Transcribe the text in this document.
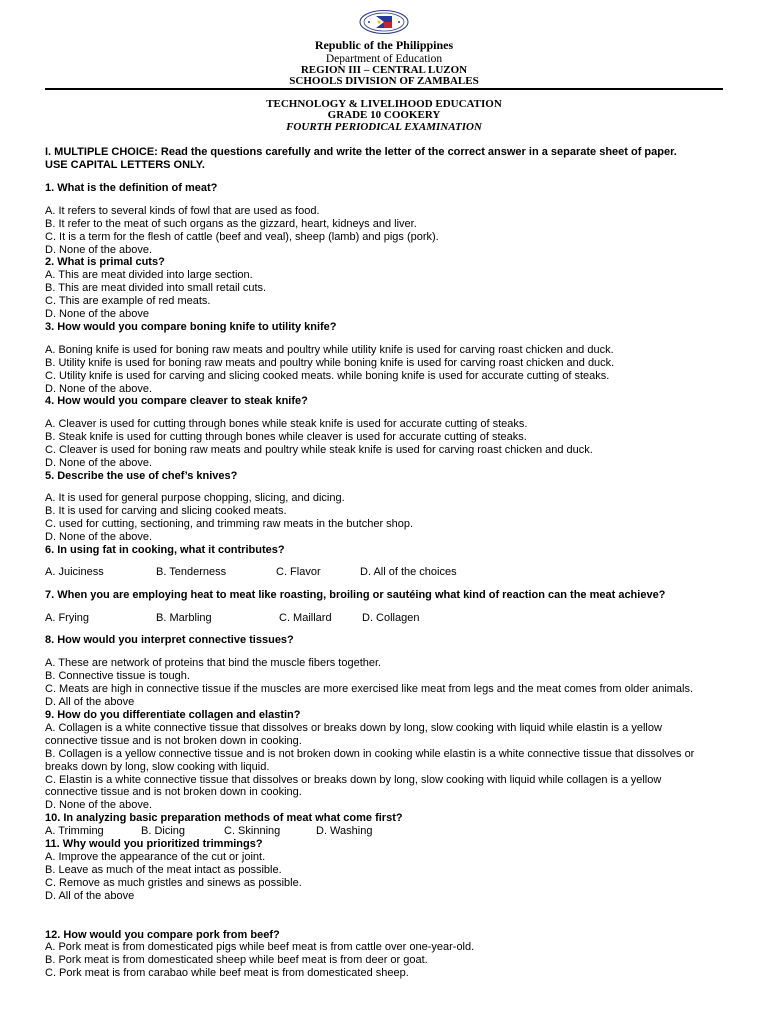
Republic of the Philippines
Department of Education
REGION III – CENTRAL LUZON
SCHOOLS DIVISION OF ZAMBALES
TECHNOLOGY & LIVELIHOOD EDUCATION
GRADE 10 COOKERY
FOURTH PERIODICAL EXAMINATION
I. MULTIPLE CHOICE: Read the questions carefully and write the letter of the correct answer in a separate sheet of paper.
USE CAPITAL LETTERS ONLY.
1. What is the definition of meat?
A. It refers to several kinds of fowl that are used as food.
B. It refer to the meat of such organs as the gizzard, heart, kidneys and liver.
C. It is a term for the flesh of cattle (beef and veal), sheep (lamb) and pigs (pork).
D. None of the above.
2. What is primal cuts?
A. This are meat divided into large section.
B. This are meat divided into small retail cuts.
C. This are example of red meats.
D. None of the above
3. How would you compare boning knife to utility knife?
A. Boning knife is used for boning raw meats and poultry while utility knife is used for carving roast chicken and duck.
B. Utility knife is used for boning raw meats and poultry while boning knife is used for carving roast chicken and duck.
C. Utility knife is used for carving and slicing cooked meats. while boning knife is used for accurate cutting of steaks.
D. None of the above.
4. How would you compare cleaver to steak knife?
A. Cleaver is used for cutting through bones while steak knife is used for accurate cutting of steaks.
B. Steak knife is used for cutting through bones while cleaver is used for accurate cutting of steaks.
C. Cleaver is used for boning raw meats and poultry while steak knife is used for carving roast chicken and duck.
D. None of the above.
5. Describe the use of chef’s knives?
A. It is used for general purpose chopping, slicing, and dicing.
B. It is used for carving and slicing cooked meats.
C. used for cutting, sectioning, and trimming raw meats in the butcher shop.
D. None of the above.
6. In using fat in cooking, what it contributes?
A. Juiciness	B. Tenderness	C. Flavor	D. All of the choices
7. When you are employing heat to meat like roasting, broiling or sautéing what kind of reaction can the meat achieve?
A. Frying	B. Marbling	C. Maillard	D. Collagen
8. How would you interpret connective tissues?
A. These are network of proteins that bind the muscle fibers together.
B. Connective tissue is tough.
C. Meats are high in connective tissue if the muscles are more exercised like meat from legs and the meat comes from older animals.
D. All of the above
9. How do you differentiate collagen and elastin?
A. Collagen is a white connective tissue that dissolves or breaks down by long, slow cooking with liquid while elastin is a yellow
connective tissue and is not broken down in cooking.
B. Collagen is a yellow connective tissue and is not broken down in cooking while elastin is a white connective tissue that dissolves or
breaks down by long, slow cooking with liquid.
C. Elastin is a white connective tissue that dissolves or breaks down by long, slow cooking with liquid while collagen is a yellow
connective tissue and is not broken down in cooking.
D. None of the above.
10. In analyzing basic preparation methods of meat what come first?
A. Trimming	B. Dicing	C. Skinning	D. Washing
11. Why would you prioritized trimmings?
A. Improve the appearance of the cut or joint.
B. Leave as much of the meat intact as possible.
C. Remove as much gristles and sinews as possible.
D. All of the above
12. How would you compare pork from beef?
A. Pork meat is from domesticated pigs while beef meat is from cattle over one-year-old.
B. Pork meat is from domesticated sheep while beef meat is from deer or goat.
C. Pork meat is from carabao while beef meat is from domesticated sheep.
